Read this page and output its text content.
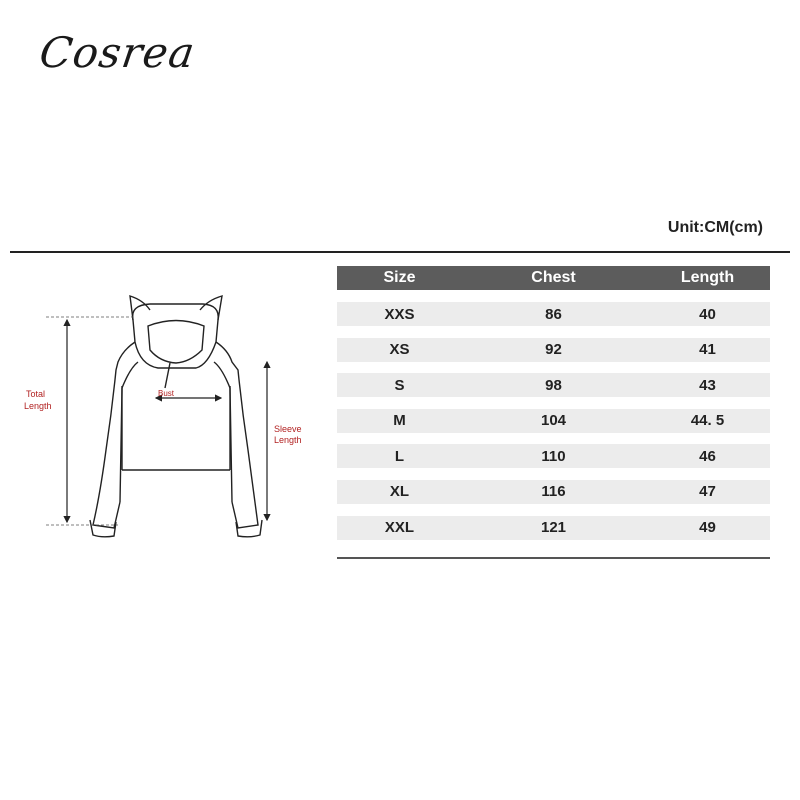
Cosrea
Unit:CM(cm)
Total
Length
Bust
Sleeve
Length
Size	Chest	Length
XXS	86	40
XS	92	41
S	98	43
M	104	44. 5
L	110	46
XL	116	47
XXL	121	49
